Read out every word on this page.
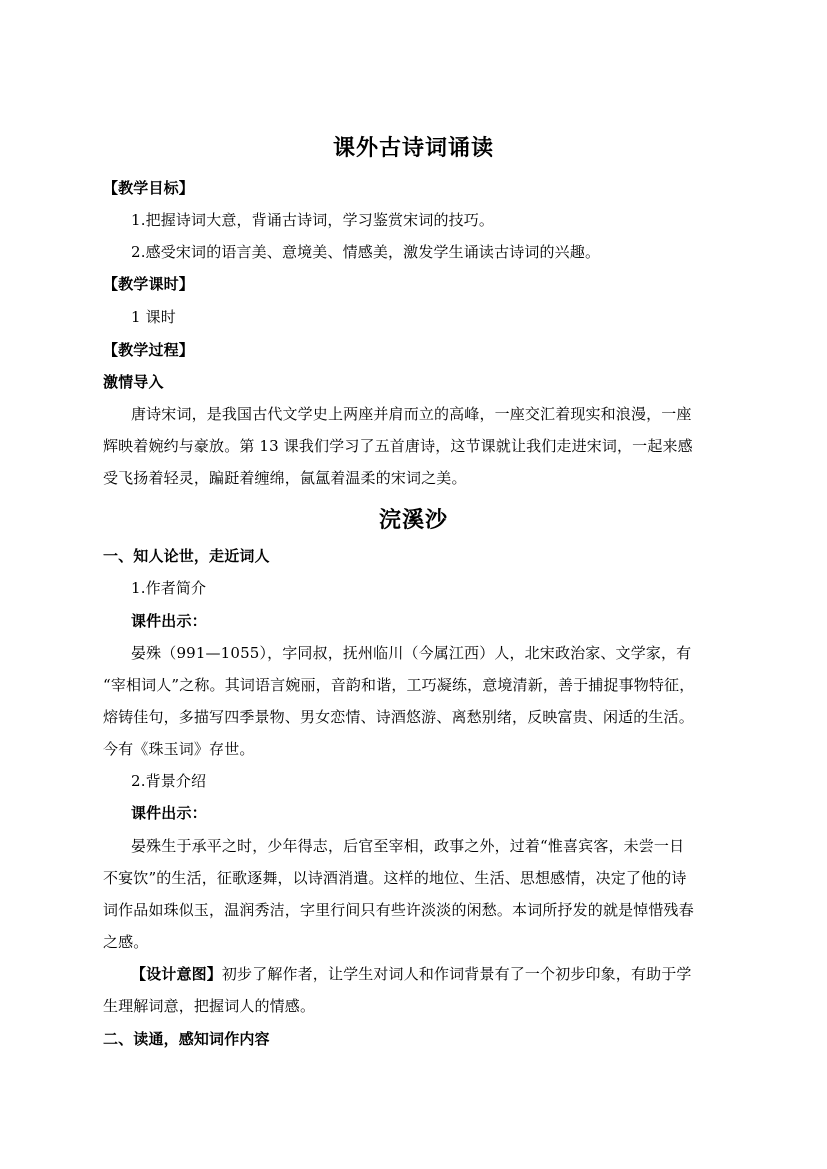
课外古诗词诵读
【教学目标】
1.把握诗词大意，背诵古诗词，学习鉴赏宋词的技巧。
2.感受宋词的语言美、意境美、情感美，激发学生诵读古诗词的兴趣。
【教学课时】
1 课时
【教学过程】
激情导入
唐诗宋词，是我国古代文学史上两座并肩而立的高峰，一座交汇着现实和浪漫，一座
辉映着婉约与豪放。第 13 课我们学习了五首唐诗，这节课就让我们走进宋词，一起来感
受飞扬着轻灵，蹁跹着缠绵，氤氲着温柔的宋词之美。
浣溪沙
一、知人论世，走近词人
1.作者简介
课件出示：
晏殊（991—1055），字同叔，抚州临川（今属江西）人，北宋政治家、文学家，有
“宰相词人”之称。其词语言婉丽，音韵和谐，工巧凝练，意境清新，善于捕捉事物特征，
熔铸佳句，多描写四季景物、男女恋情、诗酒悠游、离愁别绪，反映富贵、闲适的生活。
今有《珠玉词》存世。
2.背景介绍
课件出示：
晏殊生于承平之时，少年得志，后官至宰相，政事之外，过着“惟喜宾客，未尝一日
不宴饮”的生活，征歌逐舞，以诗酒消遣。这样的地位、生活、思想感情，决定了他的诗
词作品如珠似玉，温润秀洁，字里行间只有些许淡淡的闲愁。本词所抒发的就是悼惜残春
之感。
【设计意图】初步了解作者，让学生对词人和作词背景有了一个初步印象，有助于学
生理解词意，把握词人的情感。
二、读通，感知词作内容
